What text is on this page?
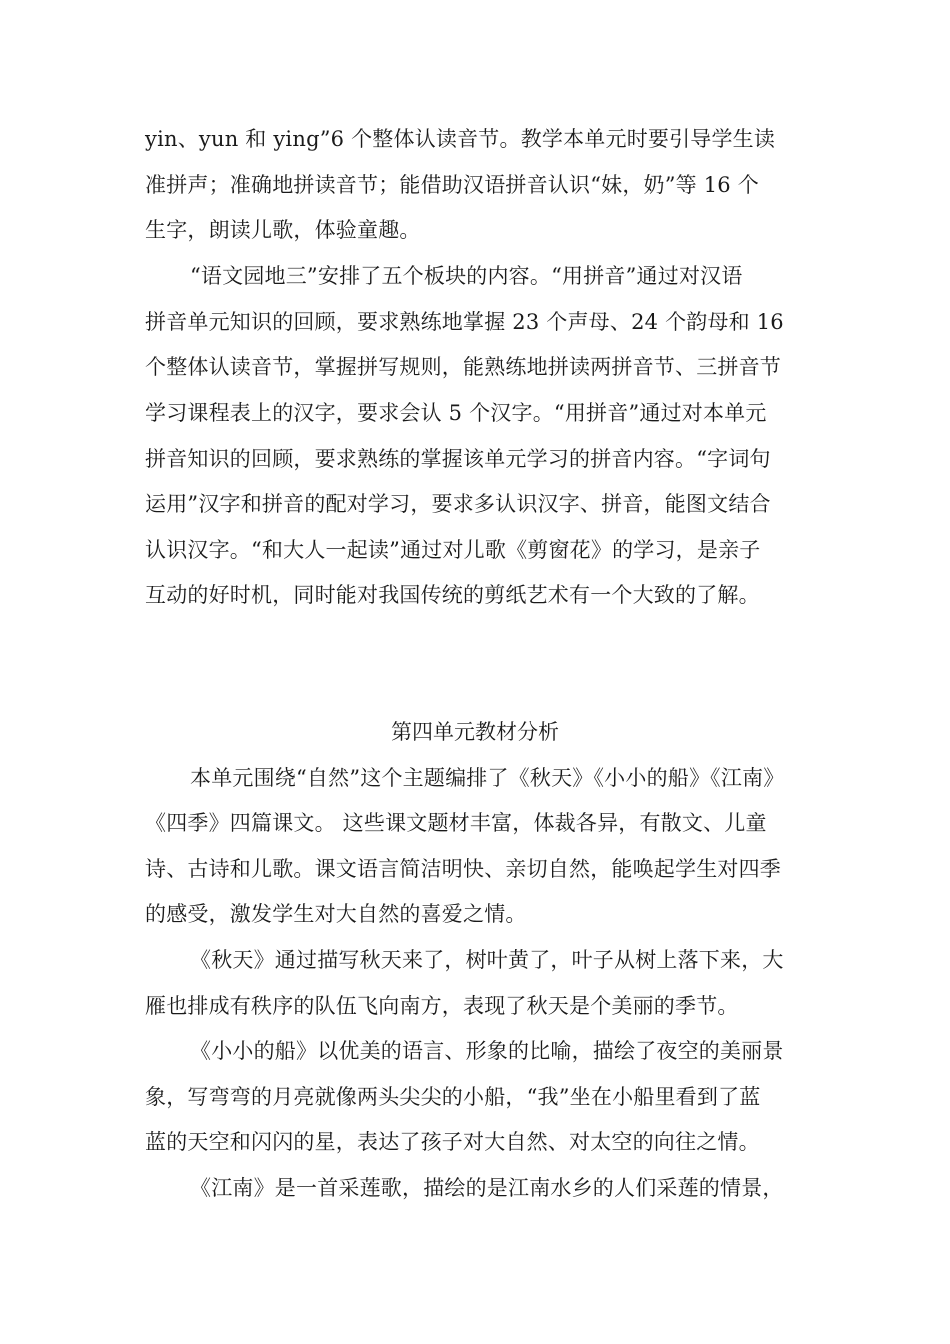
yin、yun 和 ying”6 个整体认读音节。教学本单元时要引导学生读
准拼声；准确地拼读音节；能借助汉语拼音认识“妹，奶”等 16 个
生字，朗读儿歌，体验童趣。
“语文园地三”安排了五个板块的内容。“用拼音”通过对汉语
拼音单元知识的回顾，要求熟练地掌握 23 个声母、24 个韵母和 16
个整体认读音节，掌握拼写规则，能熟练地拼读两拼音节、三拼音节
学习课程表上的汉字，要求会认 5 个汉字。“用拼音”通过对本单元
拼音知识的回顾，要求熟练的掌握该单元学习的拼音内容。“字词句
运用”汉字和拼音的配对学习，要求多认识汉字、拼音，能图文结合
认识汉字。“和大人一起读”通过对儿歌《剪窗花》的学习，是亲子
互动的好时机，同时能对我国传统的剪纸艺术有一个大致的了解。
第四单元教材分析
本单元围绕“自然”这个主题编排了《秋天》《小小的船》《江南》
《四季》四篇课文。 这些课文题材丰富，体裁各异，有散文、儿童
诗、古诗和儿歌。课文语言简洁明快、亲切自然，能唤起学生对四季
的感受，激发学生对大自然的喜爱之情。
《秋天》通过描写秋天来了，树叶黄了，叶子从树上落下来，大
雁也排成有秩序的队伍飞向南方，表现了秋天是个美丽的季节。
《小小的船》以优美的语言、形象的比喻，描绘了夜空的美丽景
象，写弯弯的月亮就像两头尖尖的小船，“我”坐在小船里看到了蓝
蓝的天空和闪闪的星，表达了孩子对大自然、对太空的向往之情。
《江南》是一首采莲歌，描绘的是江南水乡的人们采莲的情景，
